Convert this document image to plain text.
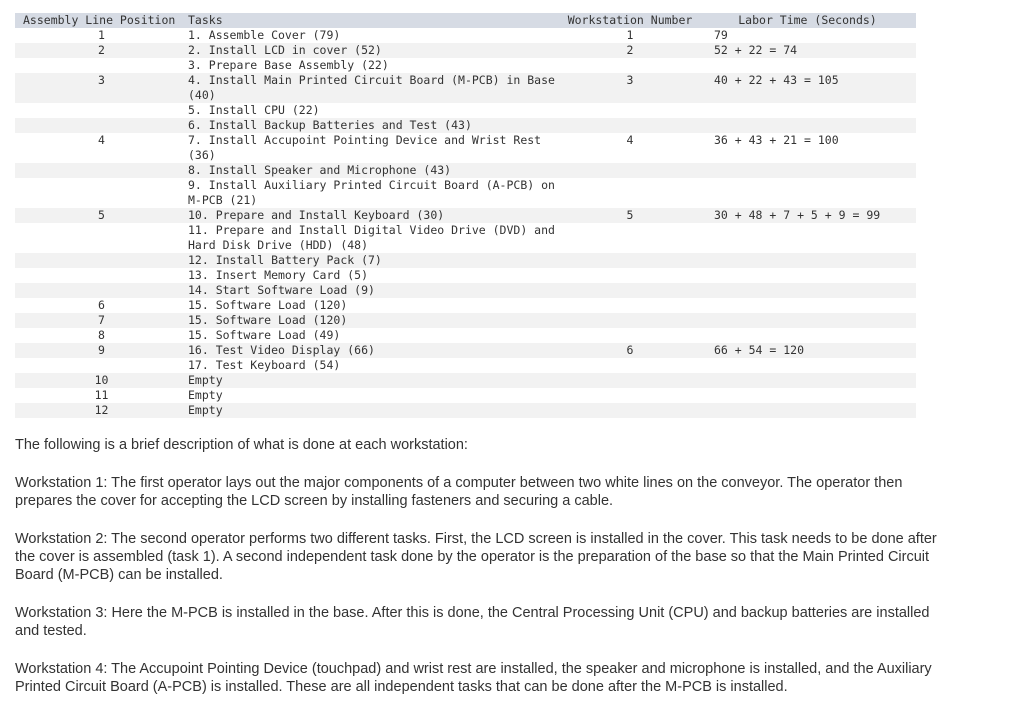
Assembly Line Position	Tasks	Workstation Number	Labor Time (Seconds)
1	1. Assemble Cover (79)	1	79
2	2. Install LCD in cover (52)	2	52 + 22 = 74
	3. Prepare Base Assembly (22)		
3	4. Install Main Printed Circuit Board (M-PCB) in Base (40)	3	40 + 22 + 43 = 105
	5. Install CPU (22)		
	6. Install Backup Batteries and Test (43)		
4	7. Install Accupoint Pointing Device and Wrist Rest (36)	4	36 + 43 + 21 = 100
	8. Install Speaker and Microphone (43)		
	9. Install Auxiliary Printed Circuit Board (A-PCB) on M-PCB (21)		
5	10. Prepare and Install Keyboard (30)	5	30 + 48 + 7 + 5 + 9 = 99
	11. Prepare and Install Digital Video Drive (DVD) and Hard Disk Drive (HDD) (48)		
	12. Install Battery Pack (7)		
	13. Insert Memory Card (5)		
	14. Start Software Load (9)		
6	15. Software Load (120)		
7	15. Software Load (120)		
8	15. Software Load (49)		
9	16. Test Video Display (66)	6	66 + 54 = 120
	17. Test Keyboard (54)		
10	Empty		
11	Empty		
12	Empty		

The following is a brief description of what is done at each workstation:

Workstation 1: The first operator lays out the major components of a computer between two white lines on the conveyor. The operator then prepares the cover for accepting the LCD screen by installing fasteners and securing a cable.

Workstation 2: The second operator performs two different tasks. First, the LCD screen is installed in the cover. This task needs to be done after the cover is assembled (task 1). A second independent task done by the operator is the preparation of the base so that the Main Printed Circuit Board (M-PCB) can be installed.

Workstation 3: Here the M-PCB is installed in the base. After this is done, the Central Processing Unit (CPU) and backup batteries are installed and tested.

Workstation 4: The Accupoint Pointing Device (touchpad) and wrist rest are installed, the speaker and microphone is installed, and the Auxiliary Printed Circuit Board (A-PCB) is installed. These are all independent tasks that can be done after the M-PCB is installed.
